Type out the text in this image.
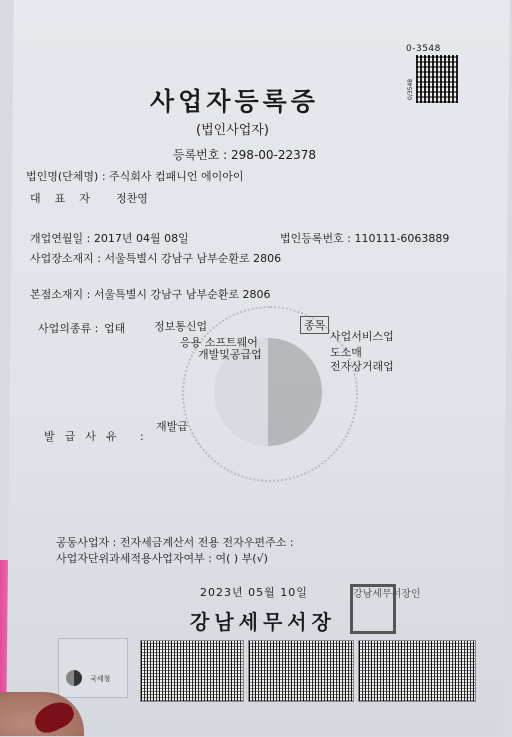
0-3548
0/3548
사업자등록증
(법인사업자)
등록번호 : 298-00-22378
법인명(단체명) : 주식회사 컴패니언 에이아이
대표자 정찬영
개업연월일 : 2017년 04월 08일	법인등록번호 : 110111-6063889
사업장소재지 : 서울특별시 강남구 남부순환로 2806
본점소재지 : 서울특별시 강남구 남부순환로 2806
사업의종류 : 업태	정보통신업	종목
응용 소프트웨어
개발및공급업
사업서비스업
도소매
전자상거래업
발급사유 :
재발급
공동사업자 : 전자세금계산서 전용 전자우편주소 :
사업자단위과세적용사업자여부 : 여( ) 부(√)
2023년 05월 10일
강남세무서장
강남세무서장인
국세청
